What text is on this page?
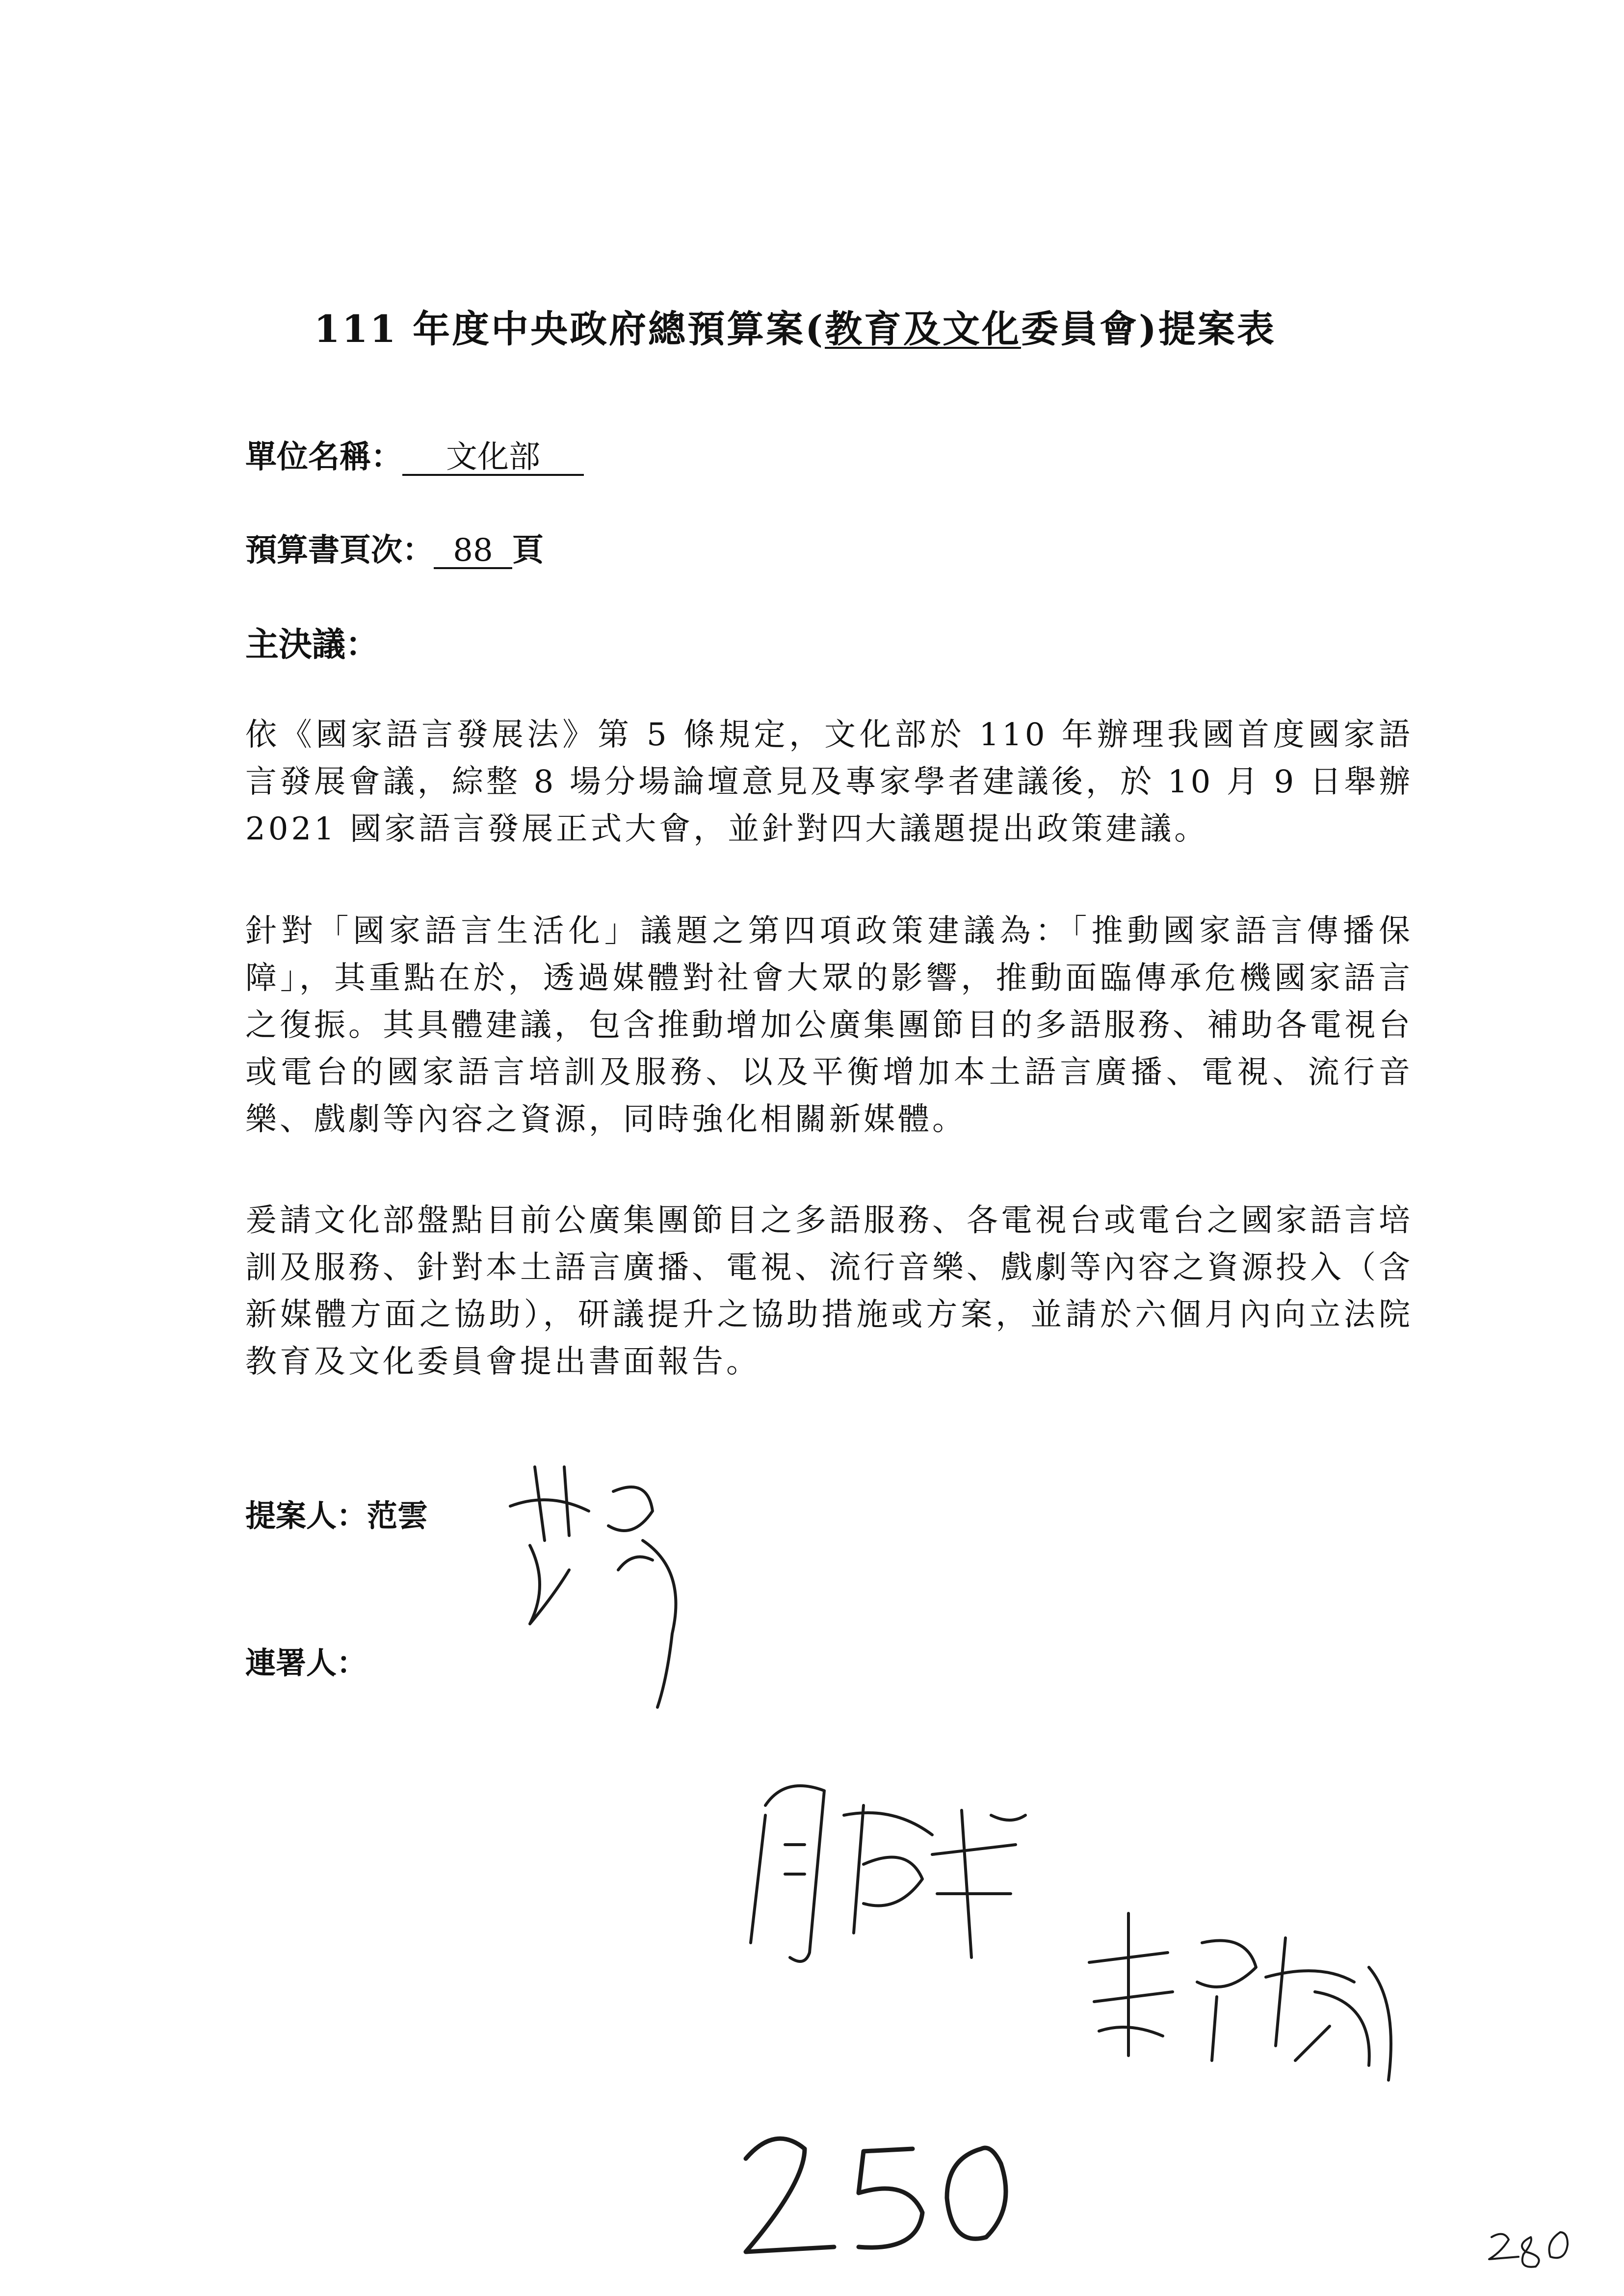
111 年度中央政府總預算案(教育及文化委員會)提案表
單位名稱： 文化部
預算書頁次： 88 頁
主決議：
依《國家語言發展法》第 5 條規定，文化部於 110 年辦理我國首度國家語言發展會議，綜整 8 場分場論壇意見及專家學者建議後，於 10 月 9 日舉辦 2021 國家語言發展正式大會，並針對四大議題提出政策建議。
針對「國家語言生活化」議題之第四項政策建議為：「推動國家語言傳播保障」，其重點在於，透過媒體對社會大眾的影響，推動面臨傳承危機國家語言之復振。其具體建議，包含推動增加公廣集團節目的多語服務、補助各電視台或電台的國家語言培訓及服務、以及平衡增加本土語言廣播、電視、流行音樂、戲劇等內容之資源，同時強化相關新媒體。
爰請文化部盤點目前公廣集團節目之多語服務、各電視台或電台之國家語言培訓及服務、針對本土語言廣播、電視、流行音樂、戲劇等內容之資源投入（含新媒體方面之協助），研議提升之協助措施或方案，並請於六個月內向立法院教育及文化委員會提出書面報告。
提案人：范雲
連署人：
